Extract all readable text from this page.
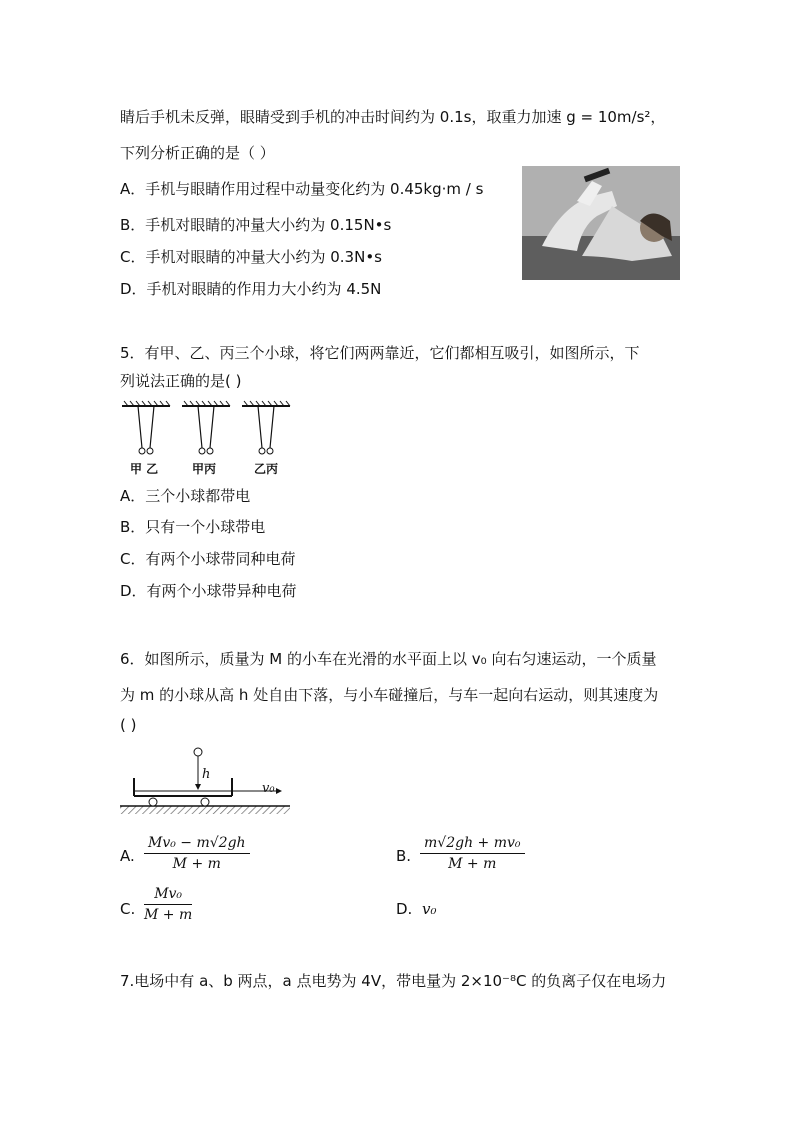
睛后手机未反弹，眼睛受到手机的冲击时间约为 0.1s，取重力加速 g = 10m/s²，
下列分析正确的是（ ）
A．手机与眼睛作用过程中动量变化约为 0.45kg·m / s
B．手机对眼睛的冲量大小约为 0.15N•s
C．手机对眼睛的冲量大小约为 0.3N•s
D．手机对眼睛的作用力大小约为 4.5N
5．有甲、乙、丙三个小球，将它们两两靠近，它们都相互吸引，如图所示，下
列说法正确的是( )
甲 乙	甲丙	乙丙
A．三个小球都带电
B．只有一个小球带电
C．有两个小球带同种电荷
D．有两个小球带异种电荷
6．如图所示，质量为 M 的小车在光滑的水平面上以 v₀ 向右匀速运动，一个质量
为 m 的小球从高 h 处自由下落，与小车碰撞后，与车一起向右运动，则其速度为
( )
h
v₀
A. $\frac{\text{Mv₀ − m√2gh}}{M + m}$	B. $\frac{\text{m√2gh + mv₀}}{M + m}$
C. $\frac{\text{Mv₀}}{M + m}$	D. v₀
7.电场中有 a、b 两点，a 点电势为 4V，带电量为 2×10⁻⁸C 的负离子仅在电场力
